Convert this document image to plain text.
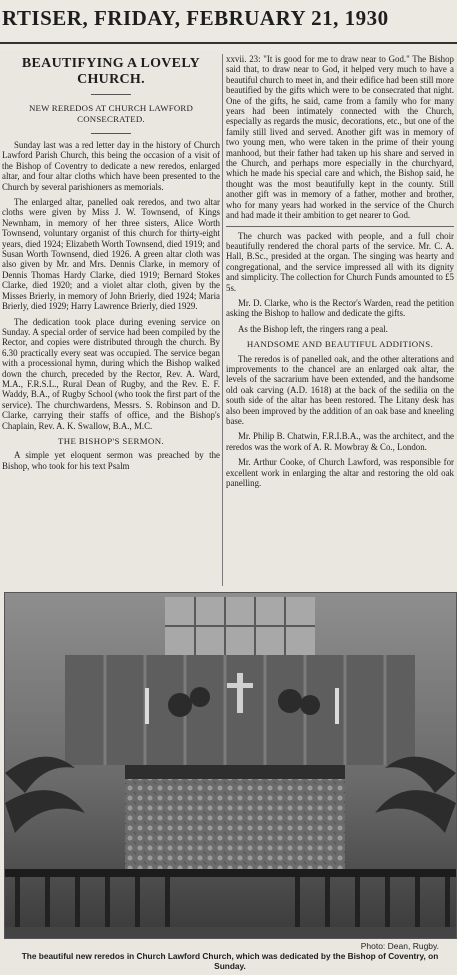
RTISER, FRIDAY, FEBRUARY 21, 1930
BEAUTIFYING A LOVELY CHURCH.
NEW REREDOS AT CHURCH LAWFORD CONSECRATED.

Sunday last was a red letter day in the history of Church Lawford Parish Church, this being the occasion of a visit of the Bishop of Coventry to dedicate a new reredos, enlarged altar, and four altar cloths which have been presented to the Church by several parishioners as memorials.

The enlarged altar, panelled oak reredos, and two altar cloths were given by Miss J. W. Townsend, of Kings Newnham, in memory of her three sisters, Alice Worth Townsend, voluntary organist of this church for thirty-eight years, died 1924; Elizabeth Worth Townsend, died 1919; and Susan Worth Townsend, died 1926. A green altar cloth was also given by Mr. and Mrs. Dennis Clarke, in memory of Dennis Thomas Hardy Clarke, died 1919; Bernard Stokes Clarke, died 1920; and a violet altar cloth, given by the Misses Brierly, in memory of John Brierly, died 1924; Maria Brierly, died 1929; Harry Lawrence Brierly, died 1929.

The dedication took place during evening service on Sunday. A special order of service had been compiled by the Rector, and copies were distributed through the church. By 6.30 practically every seat was occupied. The service began with a processional hymn, during which the Bishop walked down the church, preceded by the Rector, Rev. A. Ward, M.A., F.R.S.L., Rural Dean of Rugby, and the Rev. E. F. Waddy, B.A., of Rugby School (who took the first part of the service). The churchwardens, Messrs. S. Robinson and D. Clarke, carrying their staffs of office, and the Bishop's Chaplain, Rev. A. K. Swallow, B.A., M.C.

THE BISHOP'S SERMON.

A simple yet eloquent sermon was preached by the Bishop, who took for his text Psalm

xxvii. 23: "It is good for me to draw near to God." The Bishop said that, to draw near to God, it helped very much to have a beautiful church to meet in, and their edifice had been still more beautified by the gifts which were to be consecrated that night. One of the gifts, he said, came from a family who for many years had been intimately connected with the Church, especially as regards the music, decorations, etc., but one of the family still lived and served. Another gift was in memory of two young men, who were taken in the prime of their young manhood, but their father had taken up his share and served in the Church, and perhaps more especially in the churchyard, which he made his special care and which, the Bishop said, he thought was the most beautifully kept in the county. Still another gift was in memory of a father, mother and brother, who for many years had worked in the service of the Church and had made it their ambition to get nearer to God.

The church was packed with people, and a full choir beautifully rendered the choral parts of the service. Mr. C. A. Hall, B.Sc., presided at the organ. The singing was hearty and congregational, and the service impressed all with its dignity and simplicity. The collection for Church Funds amounted to £5 5s.

Mr. D. Clarke, who is the Rector's Warden, read the petition asking the Bishop to hallow and dedicate the gifts.

As the Bishop left, the ringers rang a peal.

HANDSOME AND BEAUTIFUL ADDITIONS.

The reredos is of panelled oak, and the other alterations and improvements to the chancel are an enlarged oak altar, the levels of the sacrarium have been extended, and the handsome old oak carving (A.D. 1618) at the back of the sedilia on the south side of the altar has been restored. The Litany desk has also been improved by the addition of an oak base and kneeling base.

Mr. Philip B. Chatwin, F.R.I.B.A., was the architect, and the reredos was the work of A. R. Mowbray & Co., London.

Mr. Arthur Cooke, of Church Lawford, was responsible for excellent work in enlarging the altar and restoring the old oak panelling.

Photo: Dean, Rugby.
The beautiful new reredos in Church Lawford Church, which was dedicated by the Bishop of Coventry, on Sunday.
